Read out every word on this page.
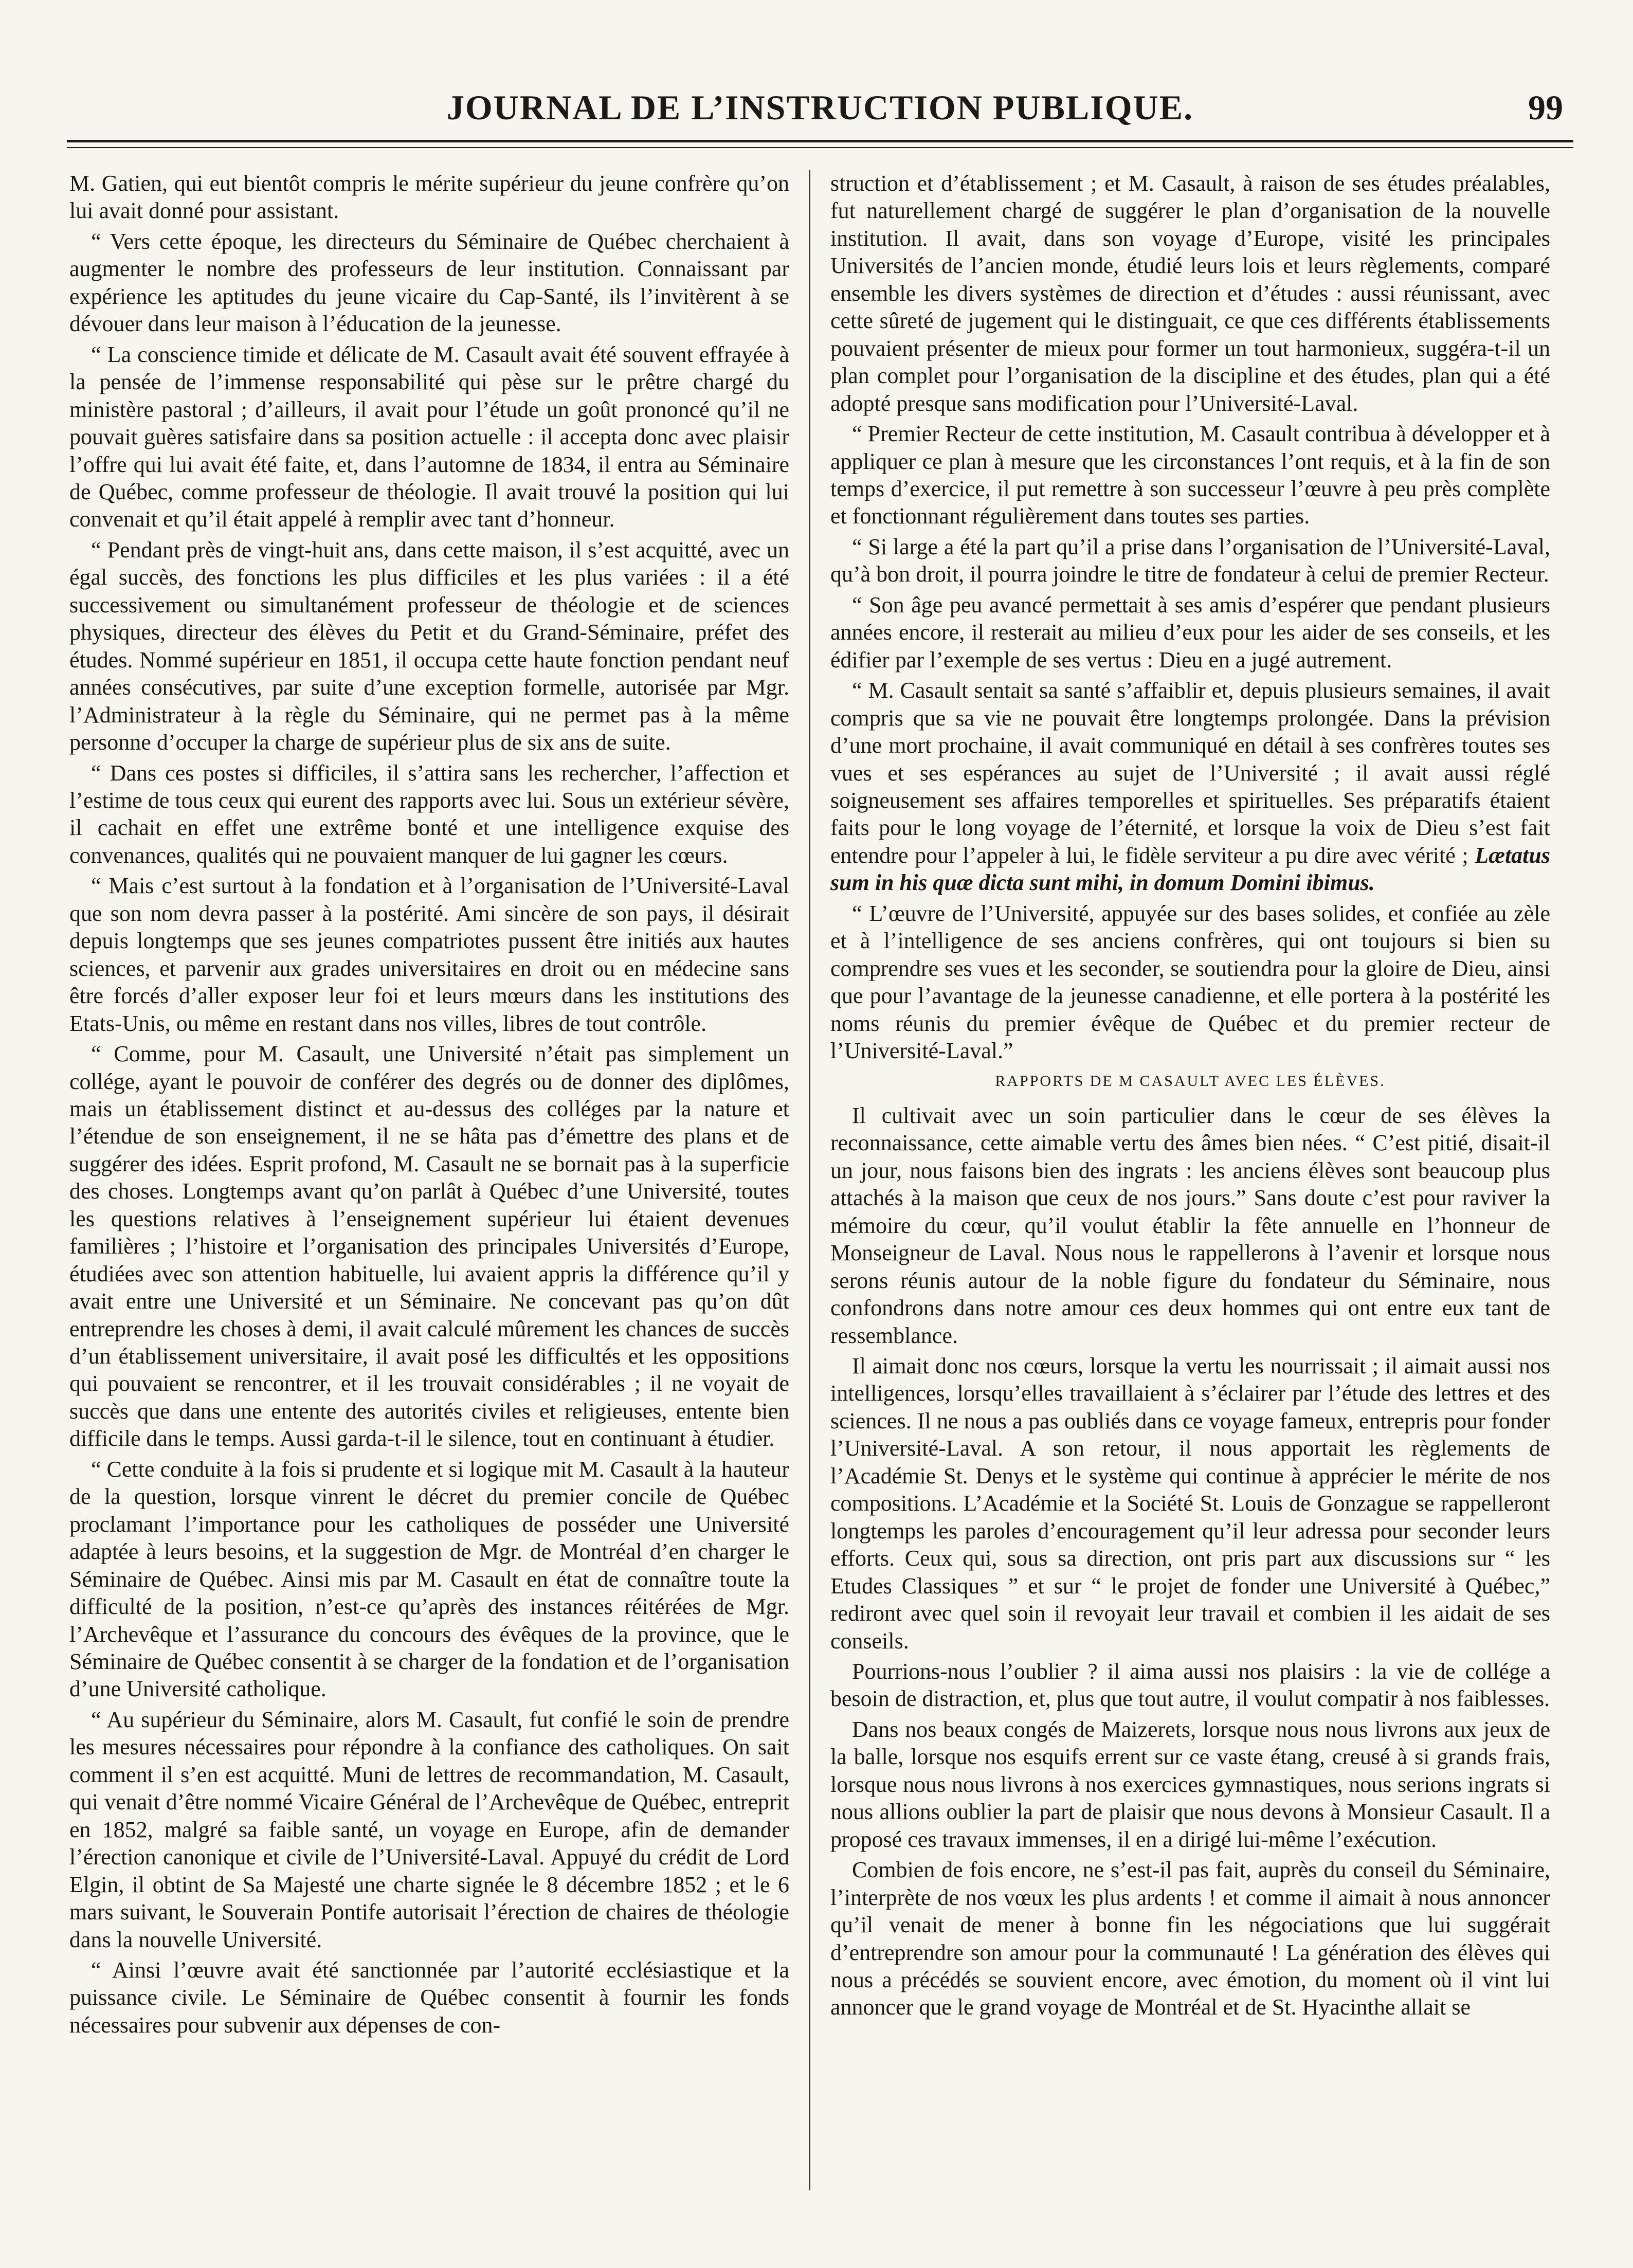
JOURNAL DE L’INSTRUCTION PUBLIQUE.	99

M. Gatien, qui eut bientôt compris le mérite supérieur du jeune confrère qu’on lui avait donné pour assistant.

“ Vers cette époque, les directeurs du Séminaire de Québec cherchaient à augmenter le nombre des professeurs de leur institution. Connaissant par expérience les aptitudes du jeune vicaire du Cap-Santé, ils l’invitèrent à se dévouer dans leur maison à l’éducation de la jeunesse.

“ La conscience timide et délicate de M. Casault avait été souvent effrayée à la pensée de l’immense responsabilité qui pèse sur le prêtre chargé du ministère pastoral ; d’ailleurs, il avait pour l’étude un goût prononcé qu’il ne pouvait guères satisfaire dans sa position actuelle : il accepta donc avec plaisir l’offre qui lui avait été faite, et, dans l’automne de 1834, il entra au Séminaire de Québec, comme professeur de théologie. Il avait trouvé la position qui lui convenait et qu’il était appelé à remplir avec tant d’honneur.

“ Pendant près de vingt-huit ans, dans cette maison, il s’est acquitté, avec un égal succès, des fonctions les plus difficiles et les plus variées : il a été successivement ou simultanément professeur de théologie et de sciences physiques, directeur des élèves du Petit et du Grand-Séminaire, préfet des études. Nommé supérieur en 1851, il occupa cette haute fonction pendant neuf années consécutives, par suite d’une exception formelle, autorisée par Mgr. l’Administrateur à la règle du Séminaire, qui ne permet pas à la même personne d’occuper la charge de supérieur plus de six ans de suite.

“ Dans ces postes si difficiles, il s’attira sans les rechercher, l’affection et l’estime de tous ceux qui eurent des rapports avec lui. Sous un extérieur sévère, il cachait en effet une extrême bonté et une intelligence exquise des convenances, qualités qui ne pouvaient manquer de lui gagner les cœurs.

“ Mais c’est surtout à la fondation et à l’organisation de l’Université-Laval que son nom devra passer à la postérité. Ami sincère de son pays, il désirait depuis longtemps que ses jeunes compatriotes pussent être initiés aux hautes sciences, et parvenir aux grades universitaires en droit ou en médecine sans être forcés d’aller exposer leur foi et leurs mœurs dans les institutions des Etats-Unis, ou même en restant dans nos villes, libres de tout contrôle.

“ Comme, pour M. Casault, une Université n’était pas simplement un collége, ayant le pouvoir de conférer des degrés ou de donner des diplômes, mais un établissement distinct et au-dessus des colléges par la nature et l’étendue de son enseignement, il ne se hâta pas d’émettre des plans et de suggérer des idées. Esprit profond, M. Casault ne se bornait pas à la superficie des choses. Longtemps avant qu’on parlât à Québec d’une Université, toutes les questions relatives à l’enseignement supérieur lui étaient devenues familières ; l’histoire et l’organisation des principales Universités d’Europe, étudiées avec son attention habituelle, lui avaient appris la différence qu’il y avait entre une Université et un Séminaire. Ne concevant pas qu’on dût entreprendre les choses à demi, il avait calculé mûrement les chances de succès d’un établissement universitaire, il avait posé les difficultés et les oppositions qui pouvaient se rencontrer, et il les trouvait considérables ; il ne voyait de succès que dans une entente des autorités civiles et religieuses, entente bien difficile dans le temps. Aussi garda-t-il le silence, tout en continuant à étudier.

“ Cette conduite à la fois si prudente et si logique mit M. Casault à la hauteur de la question, lorsque vinrent le décret du premier concile de Québec proclamant l’importance pour les catholiques de posséder une Université adaptée à leurs besoins, et la suggestion de Mgr. de Montréal d’en charger le Séminaire de Québec. Ainsi mis par M. Casault en état de connaître toute la difficulté de la position, n’est-ce qu’après des instances réitérées de Mgr. l’Archevêque et l’assurance du concours des évêques de la province, que le Séminaire de Québec consentit à se charger de la fondation et de l’organisation d’une Université catholique.

“ Au supérieur du Séminaire, alors M. Casault, fut confié le soin de prendre les mesures nécessaires pour répondre à la confiance des catholiques. On sait comment il s’en est acquitté. Muni de lettres de recommandation, M. Casault, qui venait d’être nommé Vicaire Général de l’Archevêque de Québec, entreprit en 1852, malgré sa faible santé, un voyage en Europe, afin de demander l’érection canonique et civile de l’Université-Laval. Appuyé du crédit de Lord Elgin, il obtint de Sa Majesté une charte signée le 8 décembre 1852 ; et le 6 mars suivant, le Souverain Pontife autorisait l’érection de chaires de théologie dans la nouvelle Université.

“ Ainsi l’œuvre avait été sanctionnée par l’autorité ecclésiastique et la puissance civile. Le Séminaire de Québec consentit à fournir les fonds nécessaires pour subvenir aux dépenses de con-

struction et d’établissement ; et M. Casault, à raison de ses études préalables, fut naturellement chargé de suggérer le plan d’organisation de la nouvelle institution. Il avait, dans son voyage d’Europe, visité les principales Universités de l’ancien monde, étudié leurs lois et leurs règlements, comparé ensemble les divers systèmes de direction et d’études : aussi réunissant, avec cette sûreté de jugement qui le distinguait, ce que ces différents établissements pouvaient présenter de mieux pour former un tout harmonieux, suggéra-t-il un plan complet pour l’organisation de la discipline et des études, plan qui a été adopté presque sans modification pour l’Université-Laval.

“ Premier Recteur de cette institution, M. Casault contribua à développer et à appliquer ce plan à mesure que les circonstances l’ont requis, et à la fin de son temps d’exercice, il put remettre à son successeur l’œuvre à peu près complète et fonctionnant régulièrement dans toutes ses parties.

“ Si large a été la part qu’il a prise dans l’organisation de l’Université-Laval, qu’à bon droit, il pourra joindre le titre de fondateur à celui de premier Recteur.

“ Son âge peu avancé permettait à ses amis d’espérer que pendant plusieurs années encore, il resterait au milieu d’eux pour les aider de ses conseils, et les édifier par l’exemple de ses vertus : Dieu en a jugé autrement.

“ M. Casault sentait sa santé s’affaiblir et, depuis plusieurs semaines, il avait compris que sa vie ne pouvait être longtemps prolongée. Dans la prévision d’une mort prochaine, il avait communiqué en détail à ses confrères toutes ses vues et ses espérances au sujet de l’Université ; il avait aussi réglé soigneusement ses affaires temporelles et spirituelles. Ses préparatifs étaient faits pour le long voyage de l’éternité, et lorsque la voix de Dieu s’est fait entendre pour l’appeler à lui, le fidèle serviteur a pu dire avec vérité ; Lætatus sum in his quæ dicta sunt mihi, in domum Domini ibimus.

“ L’œuvre de l’Université, appuyée sur des bases solides, et confiée au zèle et à l’intelligence de ses anciens confrères, qui ont toujours si bien su comprendre ses vues et les seconder, se soutiendra pour la gloire de Dieu, ainsi que pour l’avantage de la jeunesse canadienne, et elle portera à la postérité les noms réunis du premier évêque de Québec et du premier recteur de l’Université-Laval.”

RAPPORTS DE M CASAULT AVEC LES ÉLÈVES.

Il cultivait avec un soin particulier dans le cœur de ses élèves la reconnaissance, cette aimable vertu des âmes bien nées. “ C’est pitié, disait-il un jour, nous faisons bien des ingrats : les anciens élèves sont beaucoup plus attachés à la maison que ceux de nos jours.” Sans doute c’est pour raviver la mémoire du cœur, qu’il voulut établir la fête annuelle en l’honneur de Monseigneur de Laval. Nous nous le rappellerons à l’avenir et lorsque nous serons réunis autour de la noble figure du fondateur du Séminaire, nous confondrons dans notre amour ces deux hommes qui ont entre eux tant de ressemblance.

Il aimait donc nos cœurs, lorsque la vertu les nourrissait ; il aimait aussi nos intelligences, lorsqu’elles travaillaient à s’éclairer par l’étude des lettres et des sciences. Il ne nous a pas oubliés dans ce voyage fameux, entrepris pour fonder l’Université-Laval. A son retour, il nous apportait les règlements de l’Académie St. Denys et le système qui continue à apprécier le mérite de nos compositions. L’Académie et la Société St. Louis de Gonzague se rappelleront longtemps les paroles d’encouragement qu’il leur adressa pour seconder leurs efforts. Ceux qui, sous sa direction, ont pris part aux discussions sur “ les Etudes Classiques ” et sur “ le projet de fonder une Université à Québec,” rediront avec quel soin il revoyait leur travail et combien il les aidait de ses conseils.

Pourrions-nous l’oublier ? il aima aussi nos plaisirs : la vie de collége a besoin de distraction, et, plus que tout autre, il voulut compatir à nos faiblesses.

Dans nos beaux congés de Maizerets, lorsque nous nous livrons aux jeux de la balle, lorsque nos esquifs errent sur ce vaste étang, creusé à si grands frais, lorsque nous nous livrons à nos exercices gymnastiques, nous serions ingrats si nous allions oublier la part de plaisir que nous devons à Monsieur Casault. Il a proposé ces travaux immenses, il en a dirigé lui-même l’exécution.

Combien de fois encore, ne s’est-il pas fait, auprès du conseil du Séminaire, l’interprète de nos vœux les plus ardents ! et comme il aimait à nous annoncer qu’il venait de mener à bonne fin les négociations que lui suggérait d’entreprendre son amour pour la communauté ! La génération des élèves qui nous a précédés se souvient encore, avec émotion, du moment où il vint lui annoncer que le grand voyage de Montréal et de St. Hyacinthe allait se
